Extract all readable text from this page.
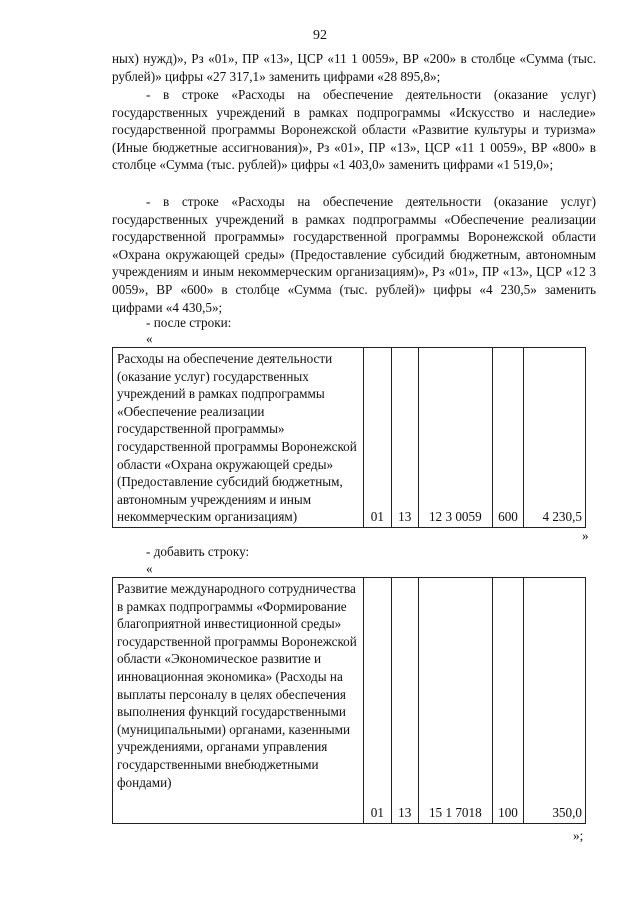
92

ных) нужд)», Рз «01», ПР «13», ЦСР «11 1 0059», ВР «200» в столбце «Сумма (тыс. рублей)» цифры «27 317,1» заменить цифрами «28 895,8»;

- в строке «Расходы на обеспечение деятельности (оказание услуг) государственных учреждений в рамках подпрограммы «Искусство и наследие» государственной программы Воронежской области «Развитие культуры и туризма» (Иные бюджетные ассигнования)», Рз «01», ПР «13», ЦСР «11 1 0059», ВР «800» в столбце «Сумма (тыс. рублей)» цифры «1 403,0» заменить цифрами «1 519,0»;

- в строке «Расходы на обеспечение деятельности (оказание услуг) государственных учреждений в рамках подпрограммы «Обеспечение реализации государственной программы» государственной программы Воронежской области «Охрана окружающей среды» (Предоставление субсидий бюджетным, автономным учреждениям и иным некоммерческим организациям)», Рз «01», ПР «13», ЦСР «12 3 0059», ВР «600» в столбце «Сумма (тыс. рублей)» цифры «4 230,5» заменить цифрами «4 430,5»;

- после строки:
«
Расходы на обеспечение деятельности (оказание услуг) государственных учреждений в рамках подпрограммы «Обеспечение реализации государственной программы» государственной программы Воронежской области «Охрана окружающей среды» (Предоставление субсидий бюджетным, автономным учреждениям и иным некоммерческим организациям)	01	13	12 3 0059	600	4 230,5
»
- добавить строку:
«
Развитие международного сотрудничества в рамках подпрограммы «Формирование благоприятной инвестиционной среды» государственной программы Воронежской области «Экономическое развитие и инновационная экономика» (Расходы на выплаты персоналу в целях обеспечения выполнения функций государственными (муниципальными) органами, казенными учреждениями, органами управления государственными внебюджетными фондами)	01	13	15 1 7018	100	350,0
»;
